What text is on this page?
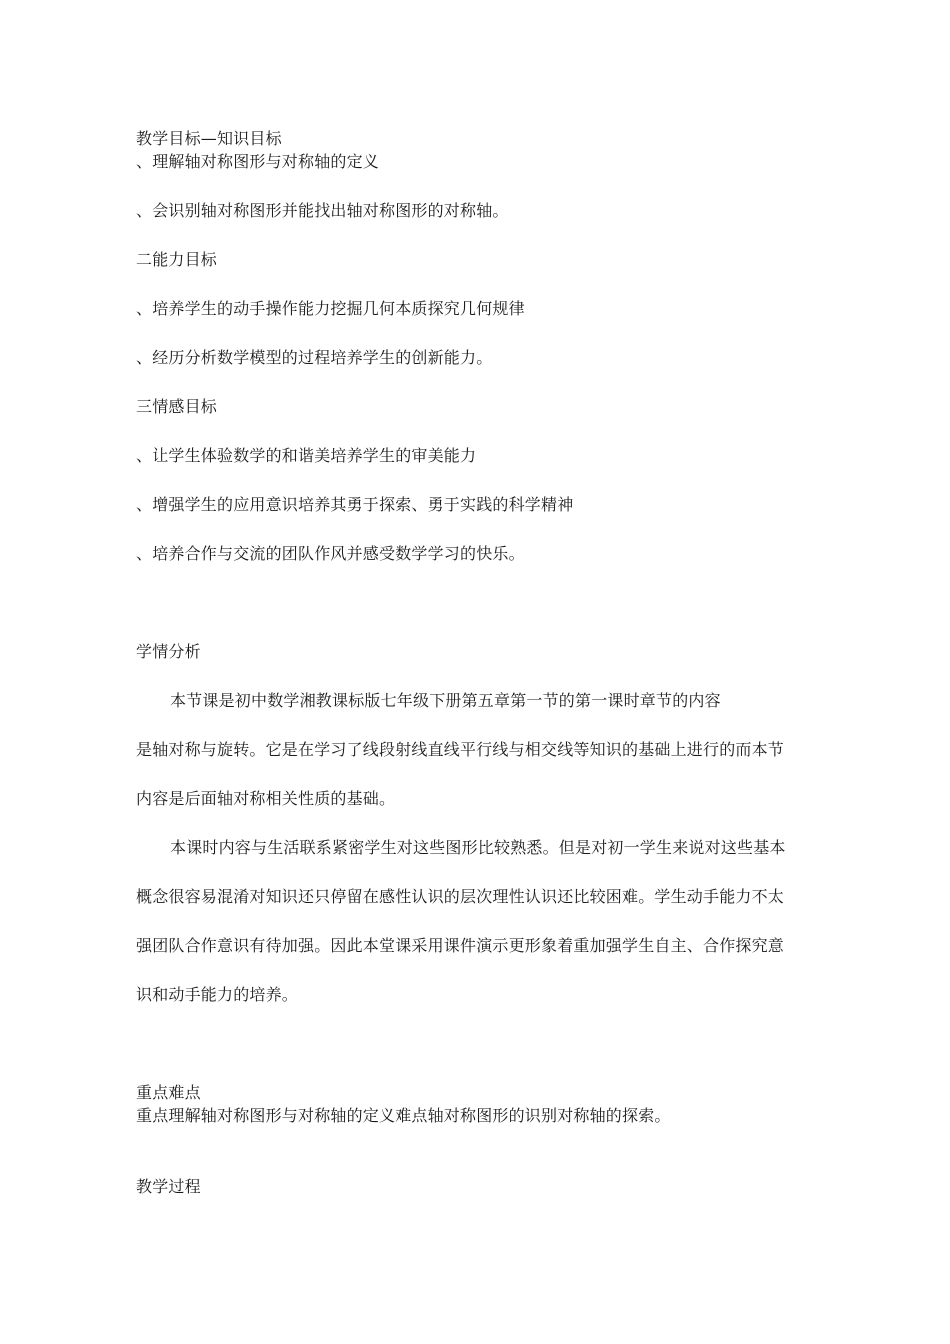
教学目标—知识目标
、理解轴对称图形与对称轴的定义
、会识别轴对称图形并能找出轴对称图形的对称轴。
二能力目标
、培养学生的动手操作能力挖掘几何本质探究几何规律
、经历分析数学模型的过程培养学生的创新能力。
三情感目标
、让学生体验数学的和谐美培养学生的审美能力
、增强学生的应用意识培养其勇于探索、勇于实践的科学精神
、培养合作与交流的团队作风并感受数学学习的快乐。
学情分析
本节课是初中数学湘教课标版七年级下册第五章第一节的第一课时章节的内容
是轴对称与旋转。它是在学习了线段射线直线平行线与相交线等知识的基础上进行的而本节
内容是后面轴对称相关性质的基础。
本课时内容与生活联系紧密学生对这些图形比较熟悉。但是对初一学生来说对这些基本
概念很容易混淆对知识还只停留在感性认识的层次理性认识还比较困难。学生动手能力不太
强团队合作意识有待加强。因此本堂课采用课件演示更形象着重加强学生自主、合作探究意
识和动手能力的培养。
重点难点
重点理解轴对称图形与对称轴的定义难点轴对称图形的识别对称轴的探索。
教学过程
